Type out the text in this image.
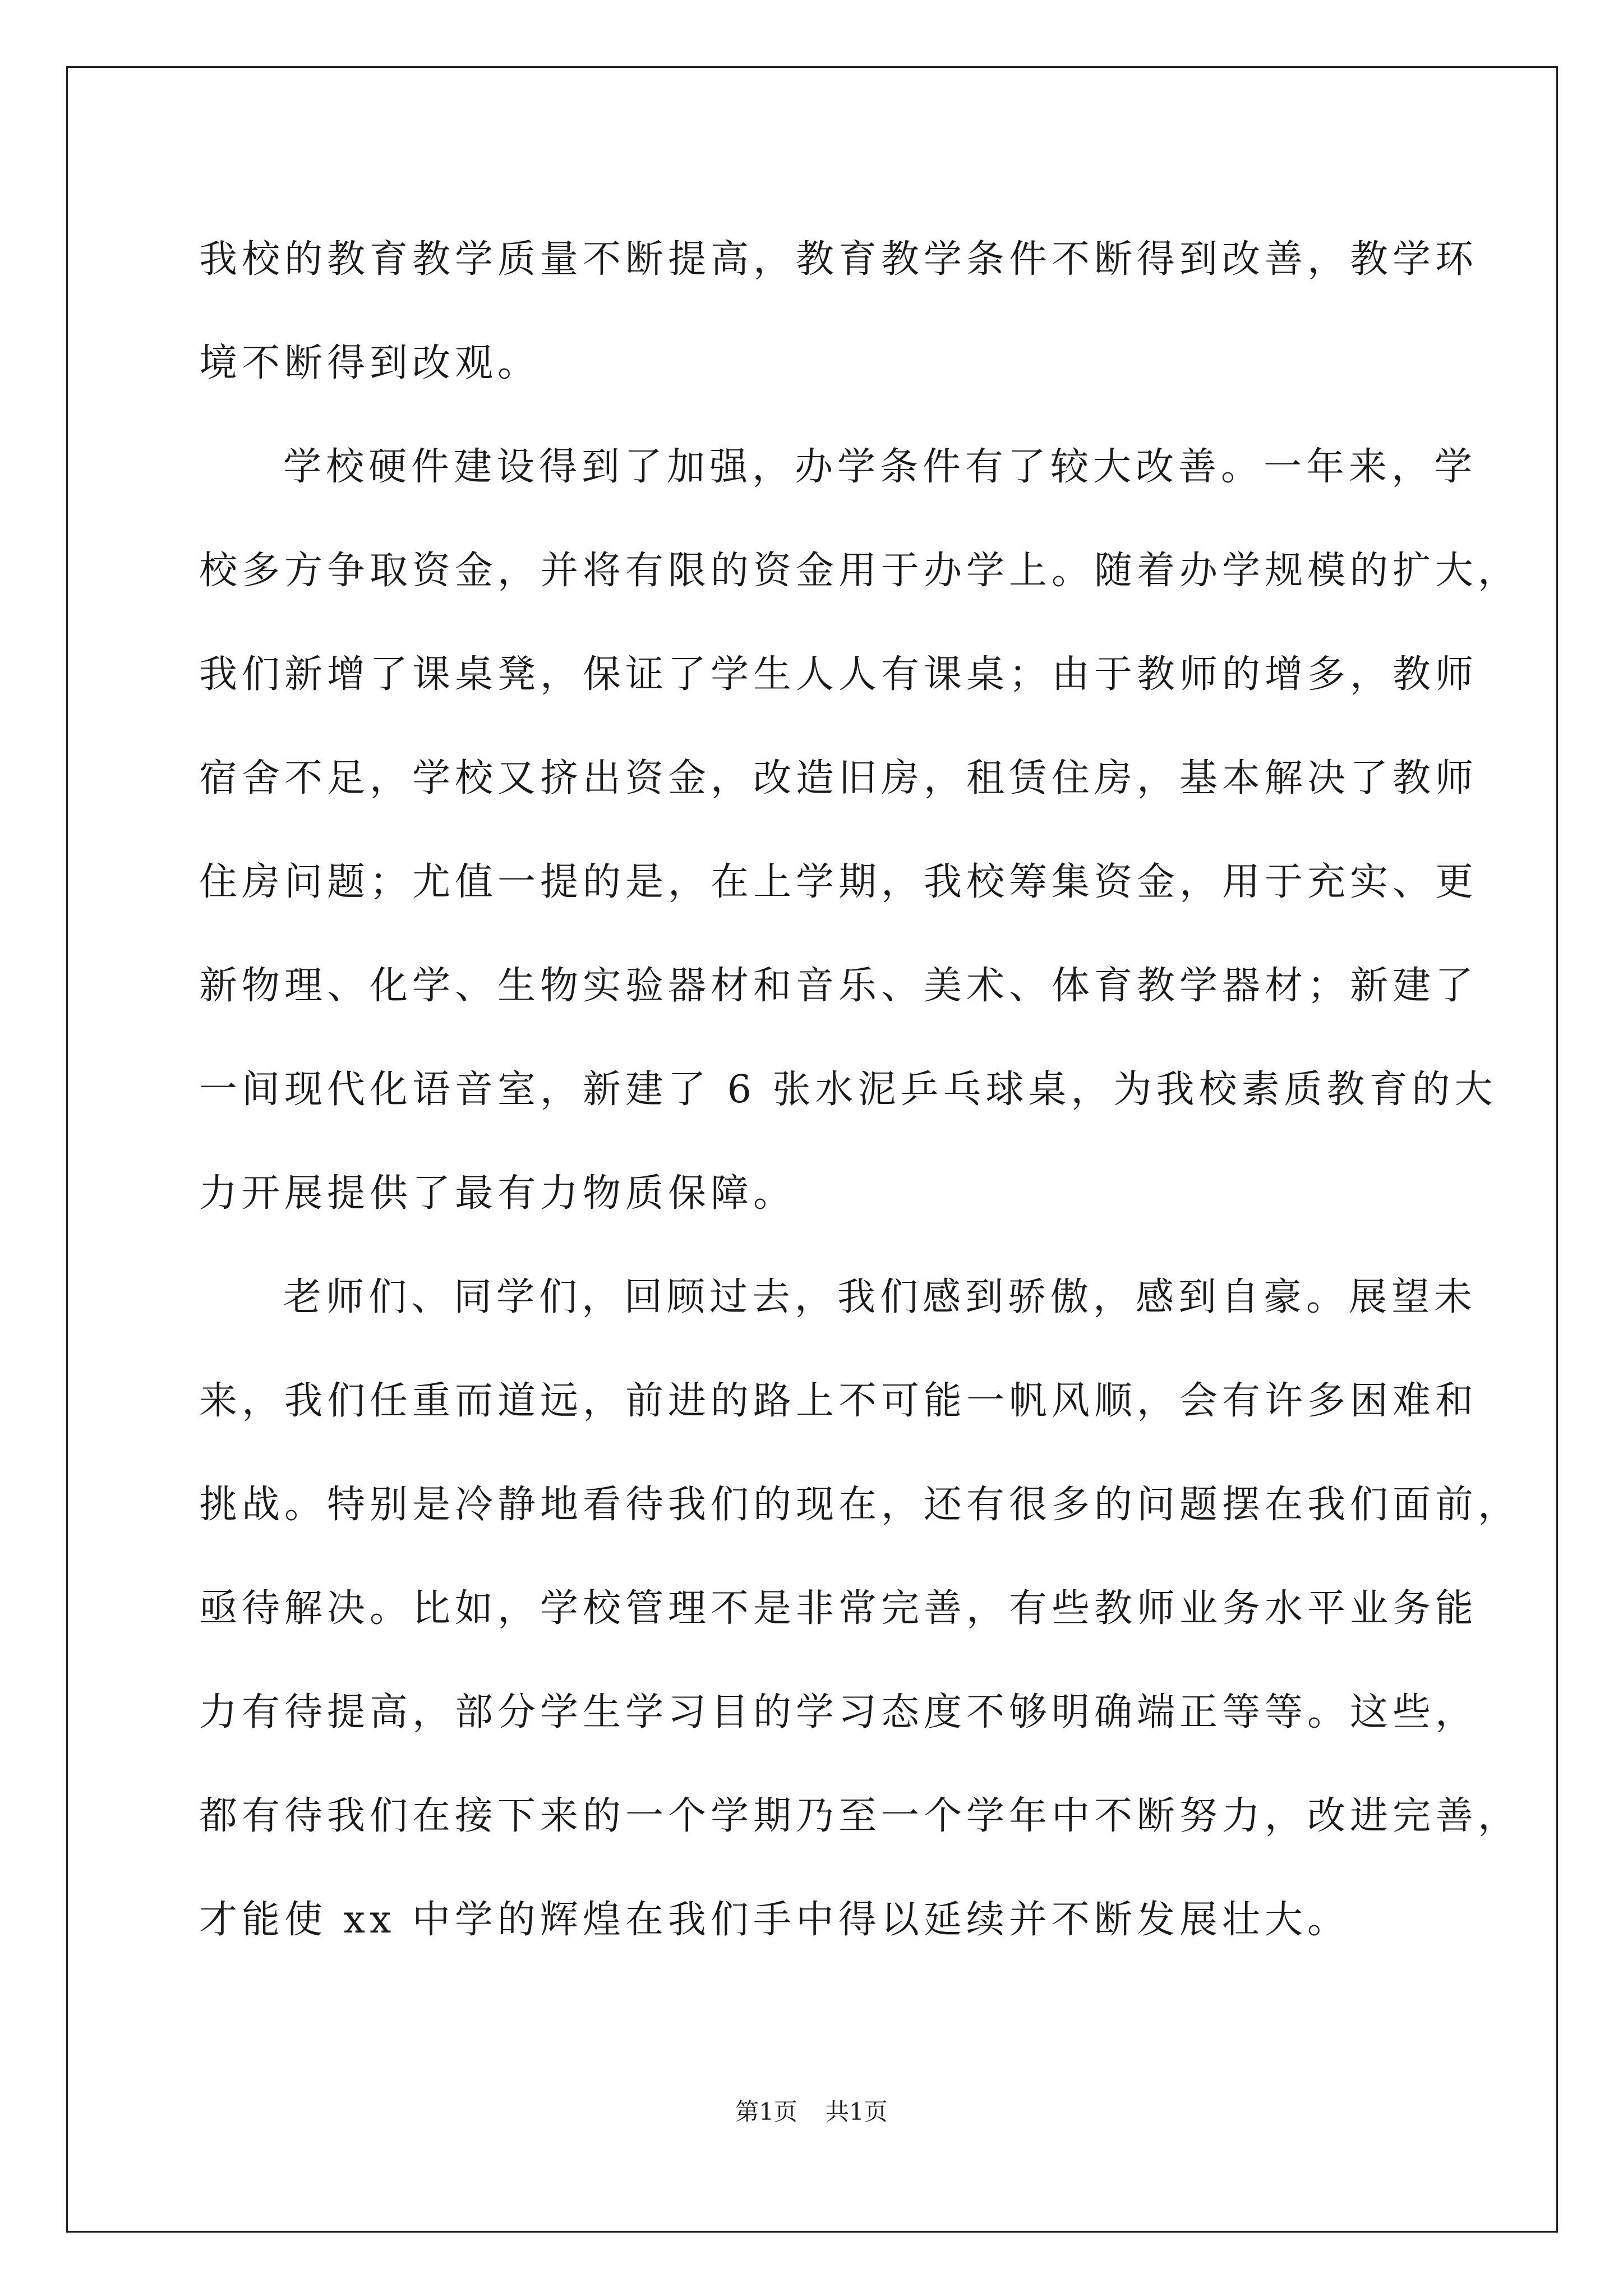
我校的教育教学质量不断提高，教育教学条件不断得到改善，教学环
境不断得到改观。
学校硬件建设得到了加强，办学条件有了较大改善。一年来，学
校多方争取资金，并将有限的资金用于办学上。随着办学规模的扩大，
我们新增了课桌凳，保证了学生人人有课桌；由于教师的增多，教师
宿舍不足，学校又挤出资金，改造旧房，租赁住房，基本解决了教师
住房问题；尤值一提的是，在上学期，我校筹集资金，用于充实、更
新物理、化学、生物实验器材和音乐、美术、体育教学器材；新建了
一间现代化语音室，新建了 6 张水泥乒乓球桌，为我校素质教育的大
力开展提供了最有力物质保障。
老师们、同学们，回顾过去，我们感到骄傲，感到自豪。展望未
来，我们任重而道远，前进的路上不可能一帆风顺，会有许多困难和
挑战。特别是冷静地看待我们的现在，还有很多的问题摆在我们面前，
亟待解决。比如，学校管理不是非常完善，有些教师业务水平业务能
力有待提高，部分学生学习目的学习态度不够明确端正等等。这些，
都有待我们在接下来的一个学期乃至一个学年中不断努力，改进完善，
才能使 xx 中学的辉煌在我们手中得以延续并不断发展壮大。
第1页 共1页
